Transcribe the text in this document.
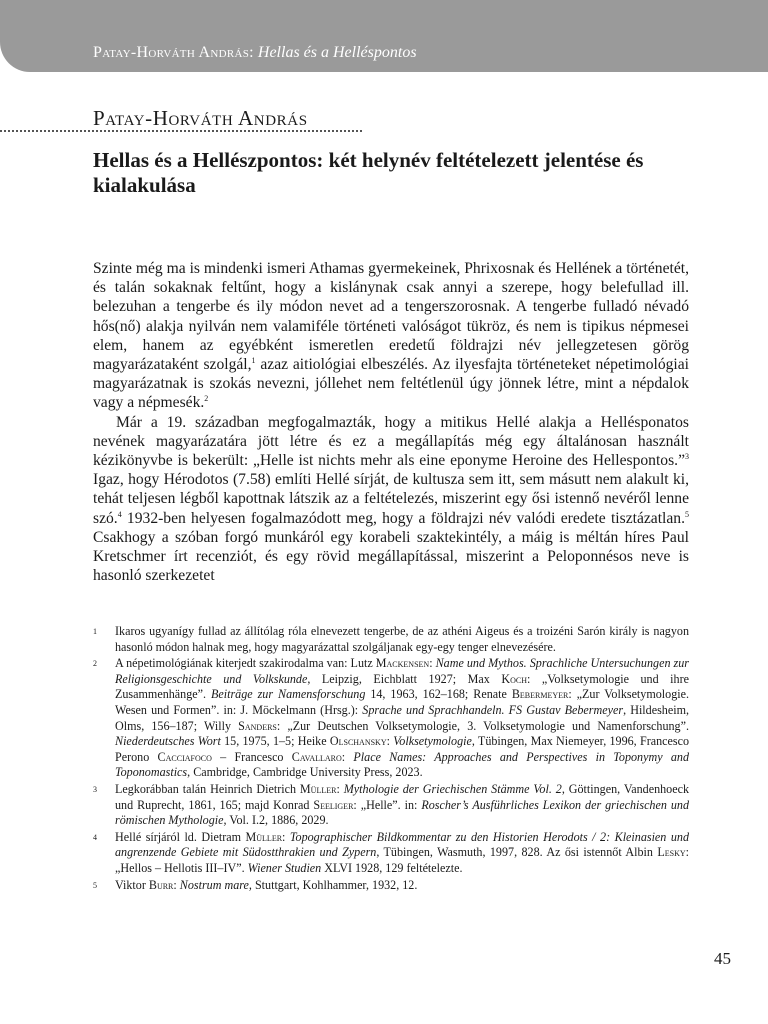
Patay-Horváth András: Hellas és a Helléspontos
Patay-Horváth András
Hellas és a Hellészpontos: két helynév feltételezett jelentése és kialakulása

Szinte még ma is mindenki ismeri Athamas gyermekeinek, Phrixosnak és Hellének a történetét, és talán sokaknak feltűnt, hogy a kislánynak csak annyi a szerepe, hogy belefullad ill. belezuhan a tengerbe és ily módon nevet ad a tengerszorosnak. A tengerbe fulladó névadó hős(nő) alakja nyilván nem valamiféle történeti valóságot tükröz, és nem is tipikus népmesei elem, hanem az egyébként ismeretlen eredetű földrajzi név jellegzetesen görög magyarázataként szolgál,$^1$ azaz aitiológiai elbeszélés. Az ilyesfajta történeteket népetimológiai magyarázatnak is szokás nevezni, jóllehet nem feltétlenül úgy jönnek létre, mint a népdalok vagy a népmesék.$^2$

Már a 19. században megfogalmazták, hogy a mitikus Hellé alakja a Hellésponatos nevének magyarázatára jött létre és ez a megállapítás még egy általánosan használt kézikönyvbe is bekerült: „Helle ist nichts mehr als eine eponyme Heroine des Hellespontos.”$^3$ Igaz, hogy Hérodotos (7.58) említi Hellé sírját, de kultusza sem itt, sem másutt nem alakult ki, tehát teljesen légből kapottnak látszik az a feltételezés, miszerint egy ősi istennő nevéről lenne szó.$^4$ 1932-ben helyesen fogalmazódott meg, hogy a földrajzi név valódi eredete tisztázatlan.$^5$ Csakhogy a szóban forgó munkáról egy korabeli szaktekintély, a máig is méltán híres Paul Kretschmer írt recenziót, és egy rövid megállapítással, miszerint a Peloponnésos neve is hasonló szerkezetet

1 Ikaros ugyanígy fullad az állítólag róla elnevezett tengerbe, de az athéni Aigeus és a troizéni Sarón király is nagyon hasonló módon halnak meg, hogy magyarázattal szolgáljanak egy-egy tenger elnevezésére.
2 A népetimológiának kiterjedt szakirodalma van: Lutz Mackensen: Name und Mythos. Sprachliche Untersuchungen zur Religionsgeschichte und Volkskunde, Leipzig, Eichblatt 1927; Max Koch: „Volksetymologie und ihre Zusammenhänge”. Beiträge zur Namensforschung 14, 1963, 162–168; Renate Bebermeyer: „Zur Volksetymologie. Wesen und Formen”. in: J. Möckelmann (Hrsg.): Sprache und Sprachhandeln. FS Gustav Bebermeyer, Hildesheim, Olms, 156–187; Willy Sanders: „Zur Deutschen Volksetymologie, 3. Volksetymologie und Namenforschung”. Niederdeutsches Wort 15, 1975, 1–5; Heike Olschansky: Volksetymologie, Tübingen, Max Niemeyer, 1996, Francesco Perono Cacciafoco – Francesco Cavallaro: Place Names: Approaches and Perspectives in Toponymy and Toponomastics, Cambridge, Cambridge University Press, 2023.
3 Legkorábban talán Heinrich Dietrich Müller: Mythologie der Griechischen Stämme Vol. 2, Göttingen, Vandenhoeck und Ruprecht, 1861, 165; majd Konrad Seeliger: „Helle”. in: Roscher’s Ausführliches Lexikon der griechischen und römischen Mythologie, Vol. I.2, 1886, 2029.
4 Hellé sírjáról ld. Dietram Müller: Topographischer Bildkommentar zu den Historien Herodots / 2: Kleinasien und angrenzende Gebiete mit Südostthrakien und Zypern, Tübingen, Wasmuth, 1997, 828. Az ősi istennőt Albin Lesky: „Hellos – Hellotis III–IV”. Wiener Studien XLVI 1928, 129 feltételezte.
5 Viktor Burr: Nostrum mare, Stuttgart, Kohlhammer, 1932, 12.
45
